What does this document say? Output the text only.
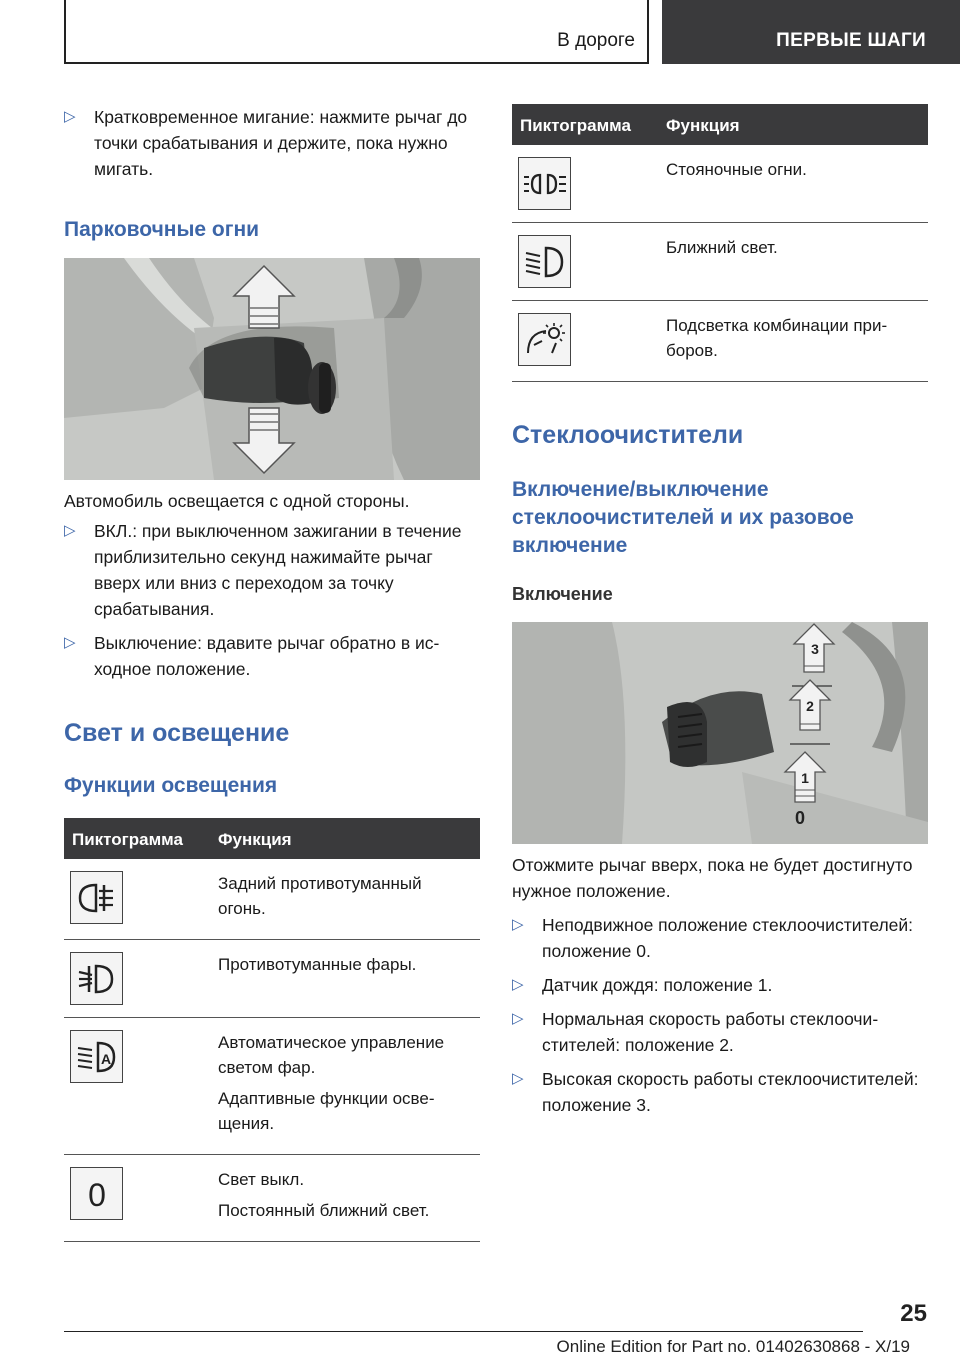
В дороге	ПЕРВЫЕ ШАГИ
▷ Кратковременное мигание: нажмите рычаг до точки срабатывания и держите, пока нужно мигать.
Парковочные огни

Автомобиль освещается с одной стороны.

▷ ВКЛ.: при выключенном зажигании в течение приблизительно секунд нажимайте рычаг вверх или вниз с переходом за точку срабатывания.
▷ Выключение: вдавите рычаг обратно в исходное положение.
Свет и освещение
Функции освещения
Пиктограмма	Функция

Задний противотуманный огонь.

Противотуманные фары.

A	Автоматическое управление светом фар.

Адаптивные функции освещения.

0	Свет выкл.

Постоянный ближний свет.

Пиктограмма	Функция

Стояночные огни.

Ближний свет.

Подсветка комбинации приборов.

Стеклоочистители
Включение/выключение стеклоочистителей и их разовое включение
Включение
3
2
1
0

Отожмите рычаг вверх, пока не будет достигнуто нужное положение.

▷ Неподвижное положение стеклоочистителей: положение 0.
▷ Датчик дождя: положение 1.
▷ Нормальная скорость работы стеклоочистителей: положение 2.
▷ Высокая скорость работы стеклоочистителей: положение 3.
25
Online Edition for Part no. 01402630868 - X/19
